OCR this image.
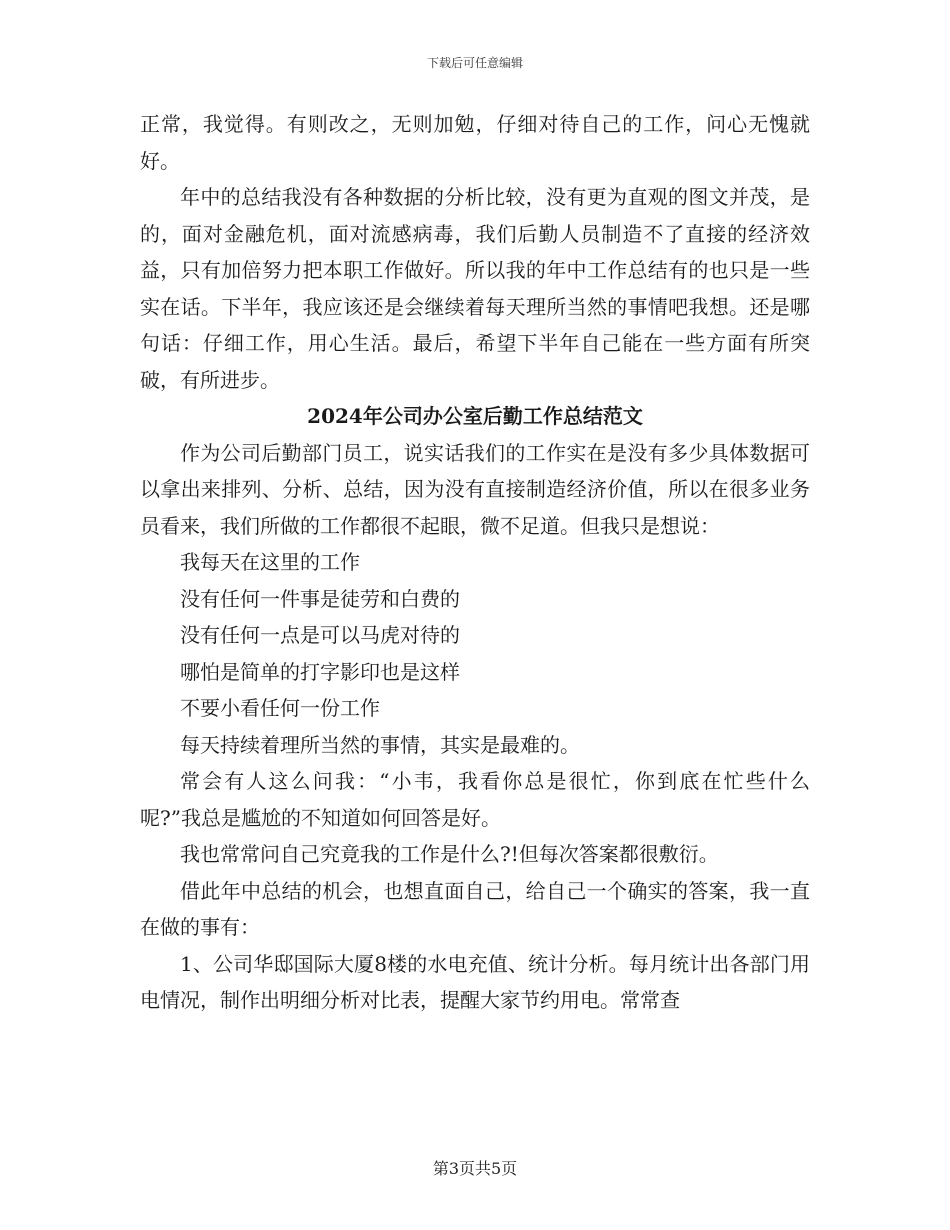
下载后可任意编辑

正常，我觉得。有则改之，无则加勉，仔细对待自己的工作，问心无愧就好。

年中的总结我没有各种数据的分析比较，没有更为直观的图文并茂，是的，面对金融危机，面对流感病毒，我们后勤人员制造不了直接的经济效益，只有加倍努力把本职工作做好。所以我的年中工作总结有的也只是一些实在话。下半年，我应该还是会继续着每天理所当然的事情吧我想。还是哪句话：仔细工作，用心生活。最后，希望下半年自己能在一些方面有所突破，有所进步。

2024年公司办公室后勤工作总结范文

作为公司后勤部门员工，说实话我们的工作实在是没有多少具体数据可以拿出来排列、分析、总结，因为没有直接制造经济价值，所以在很多业务员看来，我们所做的工作都很不起眼，微不足道。但我只是想说：

我每天在这里的工作

没有任何一件事是徒劳和白费的

没有任何一点是可以马虎对待的

哪怕是简单的打字影印也是这样

不要小看任何一份工作

每天持续着理所当然的事情，其实是最难的。

常会有人这么问我：“小韦，我看你总是很忙，你到底在忙些什么呢?”我总是尴尬的不知道如何回答是好。

我也常常问自己究竟我的工作是什么?!但每次答案都很敷衍。

借此年中总结的机会，也想直面自己，给自己一个确实的答案，我一直在做的事有：

1、公司华邸国际大厦8楼的水电充值、统计分析。每月统计出各部门用电情况，制作出明细分析对比表，提醒大家节约用电。常常查

第3页共5页
